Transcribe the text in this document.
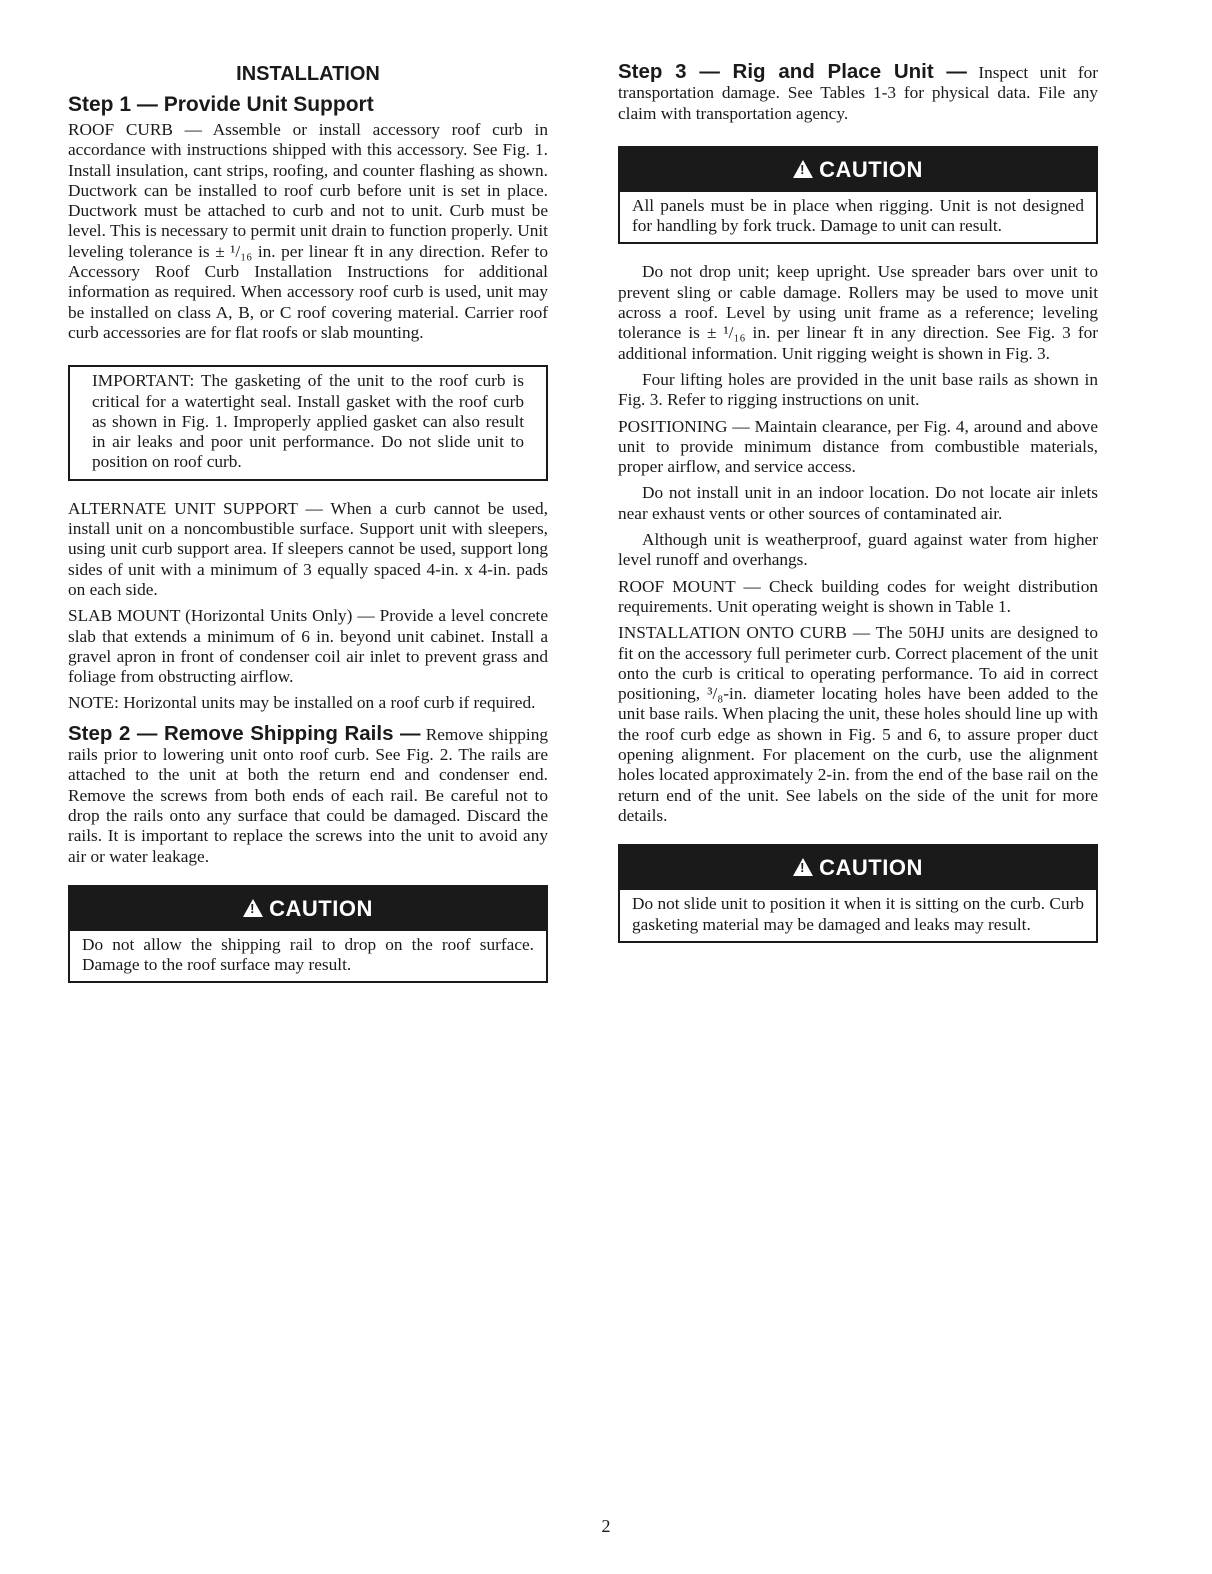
INSTALLATION
Step 1 — Provide Unit Support

ROOF CURB — Assemble or install accessory roof curb in accordance with instructions shipped with this accessory. See Fig. 1. Install insulation, cant strips, roofing, and counter flashing as shown. Ductwork can be installed to roof curb before unit is set in place. Ductwork must be attached to curb and not to unit. Curb must be level. This is necessary to permit unit drain to function properly. Unit leveling tolerance is ± ¹/₁₆ in. per linear ft in any direction. Refer to Accessory Roof Curb Installation Instructions for additional information as required. When accessory roof curb is used, unit may be installed on class A, B, or C roof covering material. Carrier roof curb accessories are for flat roofs or slab mounting.

IMPORTANT: The gasketing of the unit to the roof curb is critical for a watertight seal. Install gasket with the roof curb as shown in Fig. 1. Improperly applied gasket can also result in air leaks and poor unit performance. Do not slide unit to position on roof curb.

ALTERNATE UNIT SUPPORT — When a curb cannot be used, install unit on a noncombustible surface. Support unit with sleepers, using unit curb support area. If sleepers cannot be used, support long sides of unit with a minimum of 3 equally spaced 4-in. x 4-in. pads on each side.

SLAB MOUNT (Horizontal Units Only) — Provide a level concrete slab that extends a minimum of 6 in. beyond unit cabinet. Install a gravel apron in front of condenser coil air inlet to prevent grass and foliage from obstructing airflow.

NOTE: Horizontal units may be installed on a roof curb if required.

Step 2 — Remove Shipping Rails — Remove shipping rails prior to lowering unit onto roof curb. See Fig. 2. The rails are attached to the unit at both the return end and condenser end. Remove the screws from both ends of each rail. Be careful not to drop the rails onto any surface that could be damaged. Discard the rails. It is important to replace the screws into the unit to avoid any air or water leakage.

!CAUTION

Do not allow the shipping rail to drop on the roof surface. Damage to the roof surface may result.

Step 3 — Rig and Place Unit — Inspect unit for transportation damage. See Tables 1-3 for physical data. File any claim with transportation agency.

!CAUTION

All panels must be in place when rigging. Unit is not designed for handling by fork truck. Damage to unit can result.

Do not drop unit; keep upright. Use spreader bars over unit to prevent sling or cable damage. Rollers may be used to move unit across a roof. Level by using unit frame as a reference; leveling tolerance is ± ¹/₁₆ in. per linear ft in any direction. See Fig. 3 for additional information. Unit rigging weight is shown in Fig. 3.

Four lifting holes are provided in the unit base rails as shown in Fig. 3. Refer to rigging instructions on unit.

POSITIONING — Maintain clearance, per Fig. 4, around and above unit to provide minimum distance from combustible materials, proper airflow, and service access.

Do not install unit in an indoor location. Do not locate air inlets near exhaust vents or other sources of contaminated air.

Although unit is weatherproof, guard against water from higher level runoff and overhangs.

ROOF MOUNT — Check building codes for weight distribution requirements. Unit operating weight is shown in Table 1.

INSTALLATION ONTO CURB — The 50HJ units are designed to fit on the accessory full perimeter curb. Correct placement of the unit onto the curb is critical to operating performance. To aid in correct positioning, ³/₈-in. diameter locating holes have been added to the unit base rails. When placing the unit, these holes should line up with the roof curb edge as shown in Fig. 5 and 6, to assure proper duct opening alignment. For placement on the curb, use the alignment holes located approximately 2-in. from the end of the base rail on the return end of the unit. See labels on the side of the unit for more details.

!CAUTION

Do not slide unit to position it when it is sitting on the curb. Curb gasketing material may be damaged and leaks may result.

2
